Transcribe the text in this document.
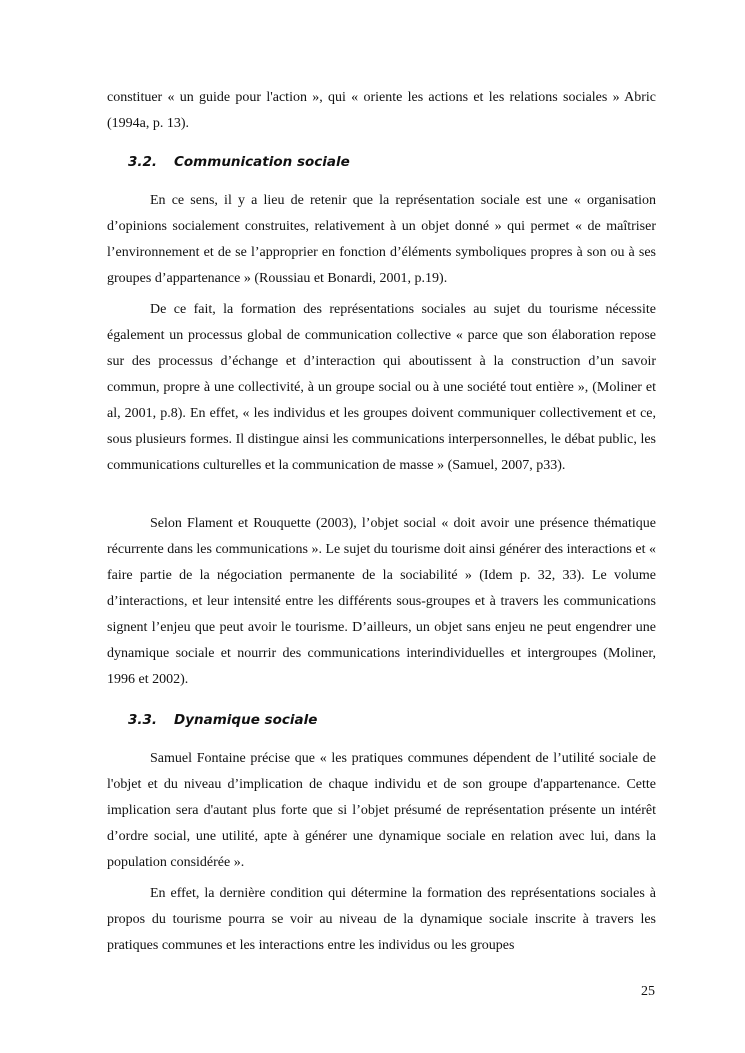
constituer « un guide pour l'action », qui « oriente les actions et les relations sociales » Abric (1994a, p. 13).

3.2. Communication sociale

En ce sens, il y a lieu de retenir que la représentation sociale est une « organisation d’opinions socialement construites, relativement à un objet donné » qui permet « de maîtriser l’environnement et de se l’approprier en fonction d’éléments symboliques propres à son ou à ses groupes d’appartenance » (Roussiau et Bonardi, 2001, p.19).

De ce fait, la formation des représentations sociales au sujet du tourisme nécessite également un processus global de communication collective « parce que son élaboration repose sur des processus d’échange et d’interaction qui aboutissent à la construction d’un savoir commun, propre à une collectivité, à un groupe social ou à une société tout entière », (Moliner et al, 2001, p.8). En effet, « les individus et les groupes doivent communiquer collectivement et ce, sous plusieurs formes. Il distingue ainsi les communications interpersonnelles, le débat public, les communications culturelles et la communication de masse » (Samuel, 2007, p33).

Selon Flament et Rouquette (2003), l’objet social « doit avoir une présence thématique récurrente dans les communications ». Le sujet du tourisme doit ainsi générer des interactions et « faire partie de la négociation permanente de la sociabilité » (Idem p. 32, 33). Le volume d’interactions, et leur intensité entre les différents sous-groupes et à travers les communications signent l’enjeu que peut avoir le tourisme. D’ailleurs, un objet sans enjeu ne peut engendrer une dynamique sociale et nourrir des communications interindividuelles et intergroupes (Moliner, 1996 et 2002).

3.3. Dynamique sociale

Samuel Fontaine précise que « les pratiques communes dépendent de l’utilité sociale de l'objet et du niveau d’implication de chaque individu et de son groupe d'appartenance. Cette implication sera d'autant plus forte que si l’objet présumé de représentation présente un intérêt d’ordre social, une utilité, apte à générer une dynamique sociale en relation avec lui, dans la population considérée ».

En effet, la dernière condition qui détermine la formation des représentations sociales à propos du tourisme pourra se voir au niveau de la dynamique sociale inscrite à travers les pratiques communes et les interactions entre les individus ou les groupes

25
